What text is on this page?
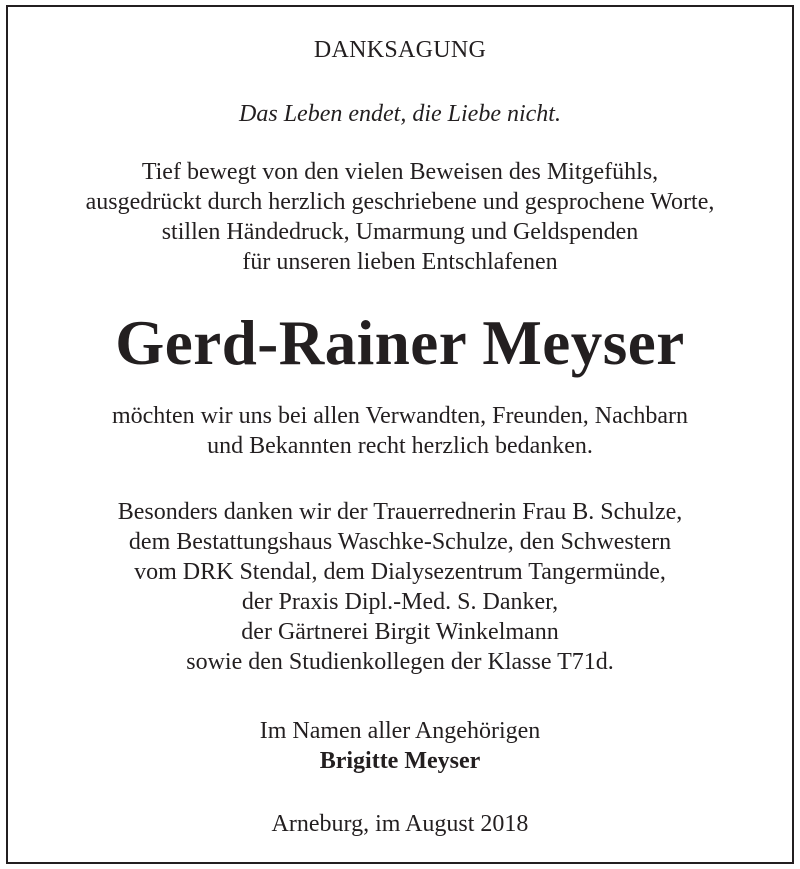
DANKSAGUNG
Das Leben endet, die Liebe nicht.
Tief bewegt von den vielen Beweisen des Mitgefühls,
ausgedrückt durch herzlich geschriebene und gesprochene Worte,
stillen Händedruck, Umarmung und Geldspenden
für unseren lieben Entschlafenen
Gerd-Rainer Meyser
möchten wir uns bei allen Verwandten, Freunden, Nachbarn
und Bekannten recht herzlich bedanken.
Besonders danken wir der Trauerrednerin Frau B. Schulze,
dem Bestattungshaus Waschke-Schulze, den Schwestern
vom DRK Stendal, dem Dialysezentrum Tangermünde,
der Praxis Dipl.-Med. S. Danker,
der Gärtnerei Birgit Winkelmann
sowie den Studienkollegen der Klasse T71d.
Im Namen aller Angehörigen
Brigitte Meyser
Arneburg, im August 2018
